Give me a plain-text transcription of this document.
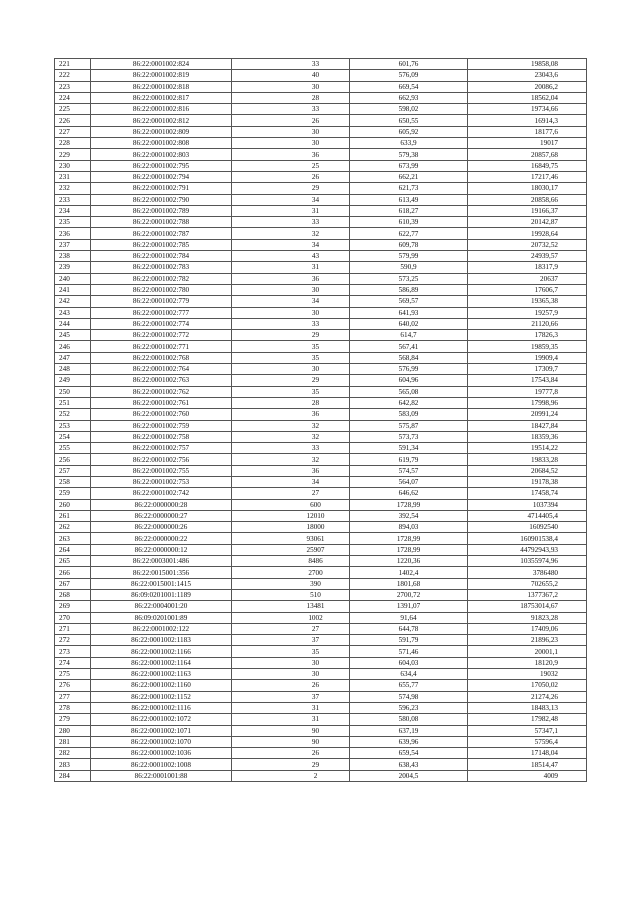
221	86:22:0001002:824	33	601,76	19858,08
222	86:22:0001002:819	40	576,09	23043,6
223	86:22:0001002:818	30	669,54	20086,2
224	86:22:0001002:817	28	662,93	18562,04
225	86:22:0001002:816	33	598,02	19734,66
226	86:22:0001002:812	26	650,55	16914,3
227	86:22:0001002:809	30	605,92	18177,6
228	86:22:0001002:808	30	633,9	19017
229	86:22:0001002:803	36	579,38	20857,68
230	86:22:0001002:795	25	673,99	16849,75
231	86:22:0001002:794	26	662,21	17217,46
232	86:22:0001002:791	29	621,73	18030,17
233	86:22:0001002:790	34	613,49	20858,66
234	86:22:0001002:789	31	618,27	19166,37
235	86:22:0001002:788	33	610,39	20142,87
236	86:22:0001002:787	32	622,77	19928,64
237	86:22:0001002:785	34	609,78	20732,52
238	86:22:0001002:784	43	579,99	24939,57
239	86:22:0001002:783	31	590,9	18317,9
240	86:22:0001002:782	36	573,25	20637
241	86:22:0001002:780	30	586,89	17606,7
242	86:22:0001002:779	34	569,57	19365,38
243	86:22:0001002:777	30	641,93	19257,9
244	86:22:0001002:774	33	640,02	21120,66
245	86:22:0001002:772	29	614,7	17826,3
246	86:22:0001002:771	35	567,41	19859,35
247	86:22:0001002:768	35	568,84	19909,4
248	86:22:0001002:764	30	576,99	17309,7
249	86:22:0001002:763	29	604,96	17543,84
250	86:22:0001002:762	35	565,08	19777,8
251	86:22:0001002:761	28	642,82	17998,96
252	86:22:0001002:760	36	583,09	20991,24
253	86:22:0001002:759	32	575,87	18427,84
254	86:22:0001002:758	32	573,73	18359,36
255	86:22:0001002:757	33	591,34	19514,22
256	86:22:0001002:756	32	619,79	19833,28
257	86:22:0001002:755	36	574,57	20684,52
258	86:22:0001002:753	34	564,07	19178,38
259	86:22:0001002:742	27	646,62	17458,74
260	86:22:0000000:28	600	1728,99	1037394
261	86:22:0000000:27	12010	392,54	4714405,4
262	86:22:0000000:26	18000	894,03	16092540
263	86:22:0000000:22	93061	1728,99	160901538,4
264	86:22:0000000:12	25907	1728,99	44792943,93
265	86:22:0003001:486	8486	1220,36	10355974,96
266	86:22:0015001:356	2700	1402,4	3786480
267	86:22:0015001:1415	390	1801,68	702655,2
268	86:09:0201001:1189	510	2700,72	1377367,2
269	86:22:0004001:20	13481	1391,07	18753014,67
270	86:09:0201001:89	1002	91,64	91823,28
271	86:22:0001002:122	27	644,78	17409,06
272	86:22:0001002:1183	37	591,79	21896,23
273	86:22:0001002:1166	35	571,46	20001,1
274	86:22:0001002:1164	30	604,03	18120,9
275	86:22:0001002:1163	30	634,4	19032
276	86:22:0001002:1160	26	655,77	17050,02
277	86:22:0001002:1152	37	574,98	21274,26
278	86:22:0001002:1116	31	596,23	18483,13
279	86:22:0001002:1072	31	580,08	17982,48
280	86:22:0001002:1071	90	637,19	57347,1
281	86:22:0001002:1070	90	639,96	57596,4
282	86:22:0001002:1036	26	659,54	17148,04
283	86:22:0001002:1008	29	638,43	18514,47
284	86:22:0001001:88	2	2004,5	4009
